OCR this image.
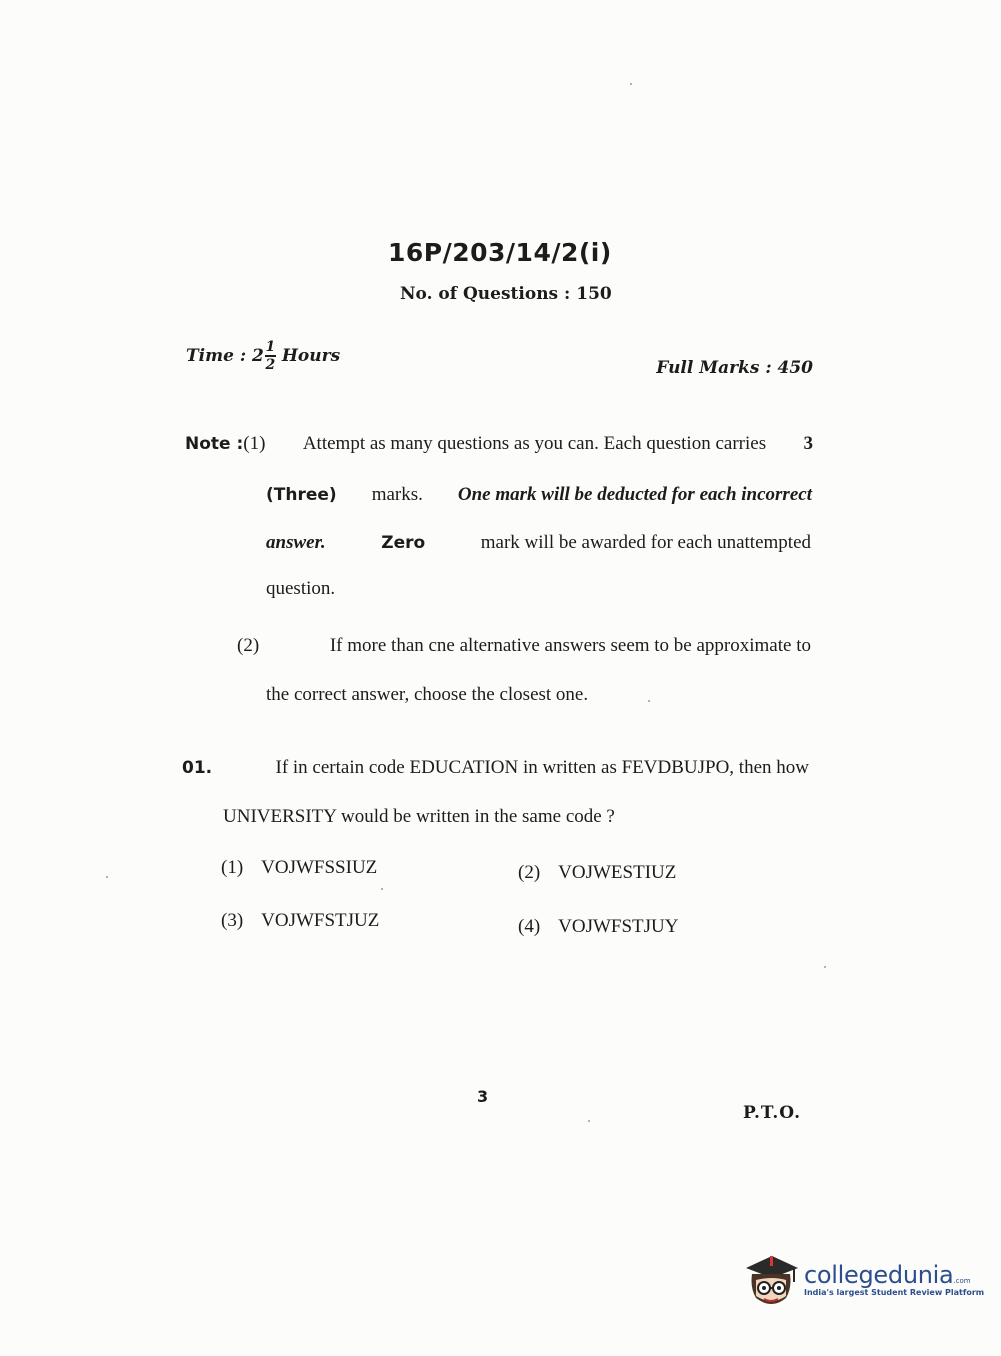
16P/203/14/2(i)
No. of Questions : 150
Time : $2 \frac{1}{2}$ Hours
Full Marks : 450
Note :(1) Attempt as many questions as you can. Each question carries 3
(Three) marks. One mark will be deducted for each incorrect
answer.	Zero	mark will be awarded for each unattempted
question.
(2)	If more than cne alternative answers seem to be approximate to
the correct answer, choose the closest one.
01.	If in certain code EDUCATION in written as FEVDBUJPO, then how
UNIVERSITY would be written in the same code ?
(1) VOJWFSSIUZ	(2) VOJWESTIUZ
(3) VOJWFSTJUZ	(4) VOJWFSTJUY
3
P.T.O.
collegedunia.com
India's largest Student Review Platform
